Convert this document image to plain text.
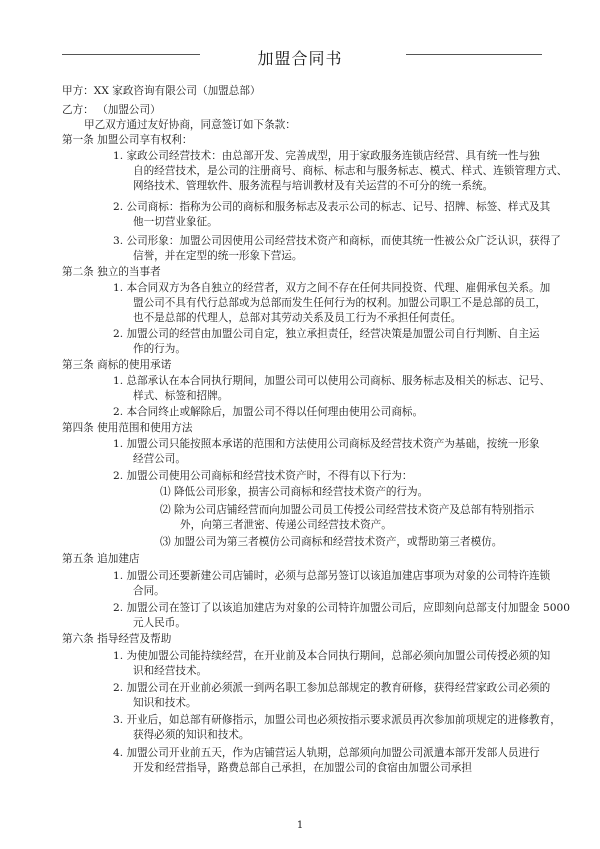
加盟合同书
甲方：XX 家政咨询有限公司（加盟总部）
乙方： （加盟公司）
甲乙双方通过友好协商，同意签订如下条款：
第一条 加盟公司享有权利：
1. 家政公司经营技术：由总部开发、完善成型，用于家政服务连锁店经营、具有统一性与独
自的经营技术，是公司的注册商号、商标、标志和与服务标志、模式、样式、连锁管理方式、
网络技术、管理软件、服务流程与培训教材及有关运营的不可分的统一系统。
2. 公司商标：指称为公司的商标和服务标志及表示公司的标志、记号、招牌、标签、样式及其
他一切营业象征。
3. 公司形象：加盟公司因使用公司经营技术资产和商标，而使其统一性被公众广泛认识，获得了
信誉，并在定型的统一形象下营运。
第二条 独立的当事者
1. 本合同双方为各自独立的经营者，双方之间不存在任何共同投资、代理、雇佣承包关系。加
盟公司不具有代行总部或为总部而发生任何行为的权利。加盟公司职工不是总部的员工，
也不是总部的代理人，总部对其劳动关系及员工行为不承担任何责任。
2. 加盟公司的经营由加盟公司自定，独立承担责任，经营决策是加盟公司自行判断、自主运
作的行为。
第三条 商标的使用承诺
1. 总部承认在本合同执行期间，加盟公司可以使用公司商标、服务标志及相关的标志、记号、
样式、标签和招牌。
2. 本合同终止或解除后，加盟公司不得以任何理由使用公司商标。
第四条 使用范围和使用方法
1. 加盟公司只能按照本承诺的范围和方法使用公司商标及经营技术资产为基础，按统一形象
经营公司。
2. 加盟公司使用公司商标和经营技术资产时，不得有以下行为：
⑴ 降低公司形象，损害公司商标和经营技术资产的行为。
⑵ 除为公司店铺经营而向加盟公司员工传授公司经营技术资产及总部有特别指示
外，向第三者泄密、传递公司经营技术资产。
⑶ 加盟公司为第三者模仿公司商标和经营技术资产，或帮助第三者模仿。
第五条 追加建店
1. 加盟公司还要新建公司店铺时，必须与总部另签订以该追加建店事项为对象的公司特许连锁
合同。
2. 加盟公司在签订了以该追加建店为对象的公司特许加盟公司后，应即刻向总部支付加盟金 5000
元人民币。
第六条 指导经营及帮助
1. 为使加盟公司能持续经营，在开业前及本合同执行期间，总部必须向加盟公司传授必须的知
识和经营技术。
2. 加盟公司在开业前必须派一到两名职工参加总部规定的教育研修，获得经营家政公司必须的
知识和技术。
3. 开业后，如总部有研修指示，加盟公司也必须按指示要求派员再次参加前项规定的进修教育，
获得必须的知识和技术。
4. 加盟公司开业前五天，作为店铺营运人轨期，总部须向加盟公司派遣本部开发部人员进行
开发和经营指导，路费总部自己承担，在加盟公司的食宿由加盟公司承担
1
